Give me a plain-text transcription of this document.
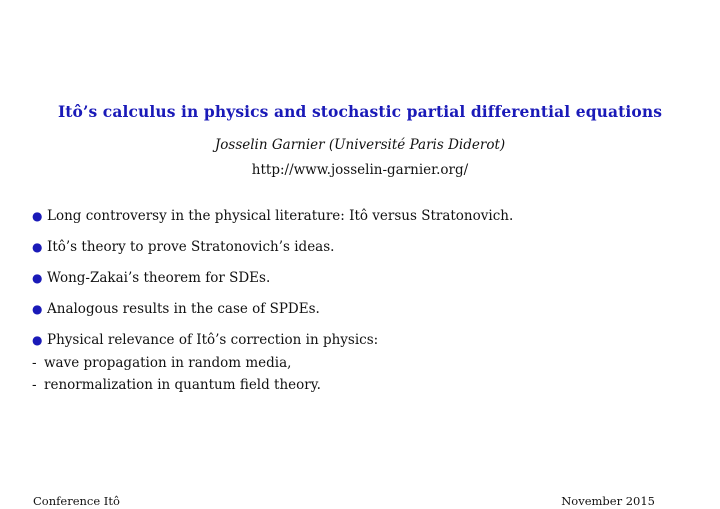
Itô’s calculus in physics and stochastic partial differential equations
Josselin Garnier (Université Paris Diderot)
http://www.josselin-garnier.org/
● Long controversy in the physical literature: Itô versus Stratonovich.
● Itô’s theory to prove Stratonovich’s ideas.
● Wong-Zakai’s theorem for SDEs.
● Analogous results in the case of SPDEs.
● Physical relevance of Itô’s correction in physics:
- wave propagation in random media,
- renormalization in quantum field theory.
Conference Itô	November 2015
